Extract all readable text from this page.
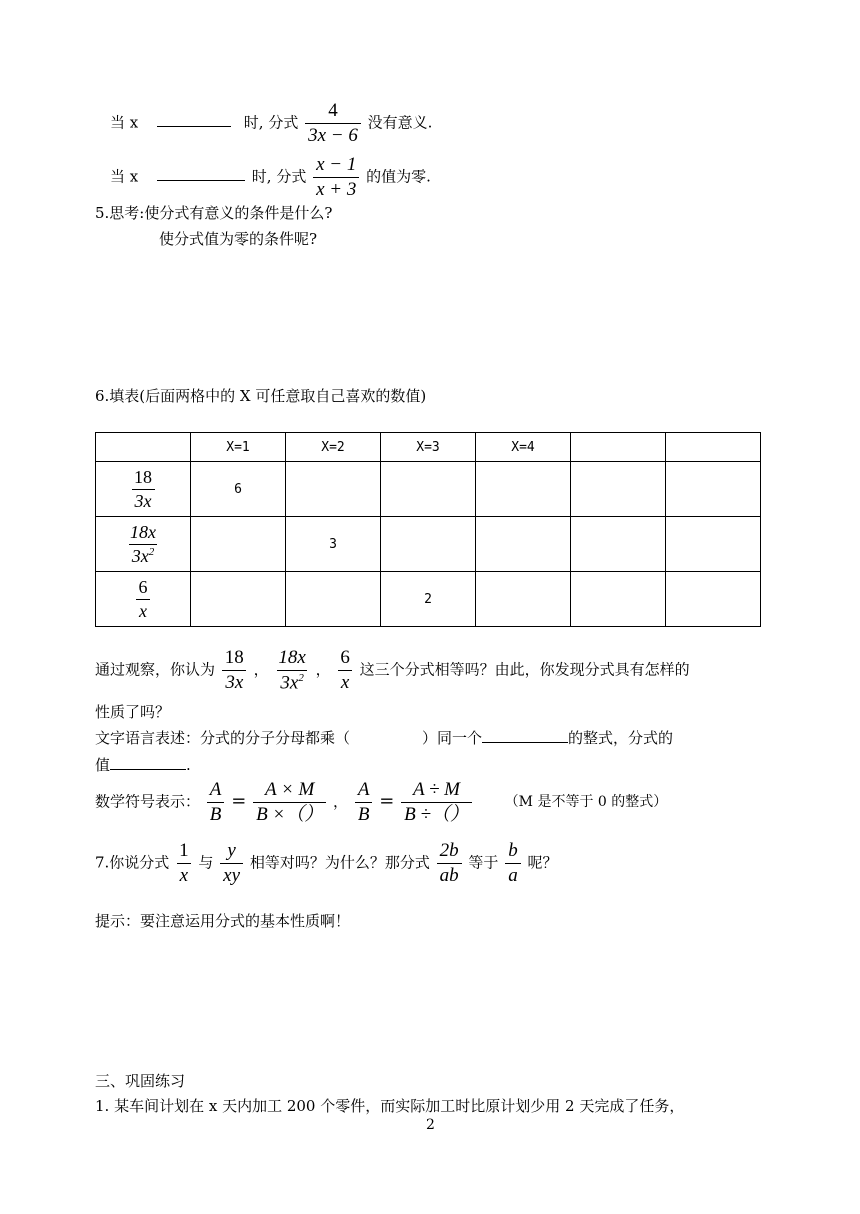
当 x	时, 分式 $\frac{4}{3x - 6}$ 没有意义.
当 x	时, 分式 $\frac{x - 1}{x + 3}$ 的值为零.
5.思考:使分式有意义的条件是什么?
使分式值为零的条件呢?
6.填表(后面两格中的 X 可任意取自己喜欢的数值)
	X=1	X=2	X=3	X=4		

$\frac{18}{3x}$	6					

$\frac{18x}{3x^2}$		3				

$\frac{6}{x}$			2			
通过观察，你认为 $\frac{18}{3x}$ ， $\frac{18x}{3x^2}$ ， $\frac{6}{x}$ 这三个分式相等吗？由此，你发现分式具有怎样的
性质了吗？
文字语言表述：分式的分子分母都乘（	）同一个	的整式，分式的
值	.
数学符号表示： $\frac{A}{B} = \frac{A \times M}{B \times()}$ ， $\frac{A}{B} = \frac{A \div M}{B \div()} (M$ 是不等于 0 的整式）
7.你说分式 $\frac{1}{x}$ 与 $\frac{y}{xy}$ 相等对吗？为什么？那分式 $\frac{2b}{ab}$ 等于 $\frac{b}{a}$ 呢？
提示：要注意运用分式的基本性质啊！
三、巩固练习
1. 某车间计划在 x 天内加工 200 个零件，而实际加工时比原计划少用 2 天完成了任务，
2
